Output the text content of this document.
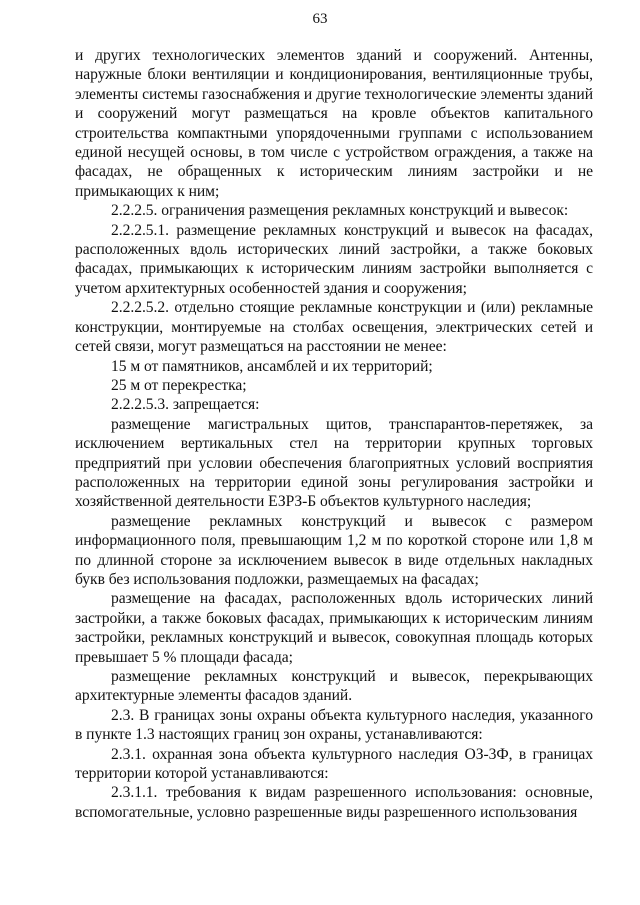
63

и других технологических элементов зданий и сооружений. Антенны, наружные блоки вентиляции и кондиционирования, вентиляционные трубы, элементы системы газоснабжения и другие технологические элементы зданий и сооружений могут размещаться на кровле объектов капитального строительства компактными упорядоченными группами с использованием единой несущей основы, в том числе с устройством ограждения, а также на фасадах, не обращенных к историческим линиям застройки и не примыкающих к ним;

2.2.2.5. ограничения размещения рекламных конструкций и вывесок:

2.2.2.5.1. размещение рекламных конструкций и вывесок на фасадах, расположенных вдоль исторических линий застройки, а также боковых фасадах, примыкающих к историческим линиям застройки выполняется с учетом архитектурных особенностей здания и сооружения;

2.2.2.5.2. отдельно стоящие рекламные конструкции и (или) рекламные конструкции, монтируемые на столбах освещения, электрических сетей и сетей связи, могут размещаться на расстоянии не менее:

15 м от памятников, ансамблей и их территорий;

25 м от перекрестка;

2.2.2.5.3. запрещается:

размещение магистральных щитов, транспарантов-перетяжек, за исключением вертикальных стел на территории крупных торговых предприятий при условии обеспечения благоприятных условий восприятия расположенных на территории единой зоны регулирования застройки и хозяйственной деятельности ЕЗРЗ-Б объектов культурного наследия;

размещение рекламных конструкций и вывесок с размером информационного поля, превышающим 1,2 м по короткой стороне или 1,8 м по длинной стороне за исключением вывесок в виде отдельных накладных букв без использования подложки, размещаемых на фасадах;

размещение на фасадах, расположенных вдоль исторических линий застройки, а также боковых фасадах, примыкающих к историческим линиям застройки, рекламных конструкций и вывесок, совокупная площадь которых превышает 5 % площади фасада;

размещение рекламных конструкций и вывесок, перекрывающих архитектурные элементы фасадов зданий.

2.3. В границах зоны охраны объекта культурного наследия, указанного в пункте 1.3 настоящих границ зон охраны, устанавливаются:

2.3.1. охранная зона объекта культурного наследия ОЗ-3Ф, в границах территории которой устанавливаются:

2.3.1.1. требования к видам разрешенного использования: основные, вспомогательные, условно разрешенные виды разрешенного использования
